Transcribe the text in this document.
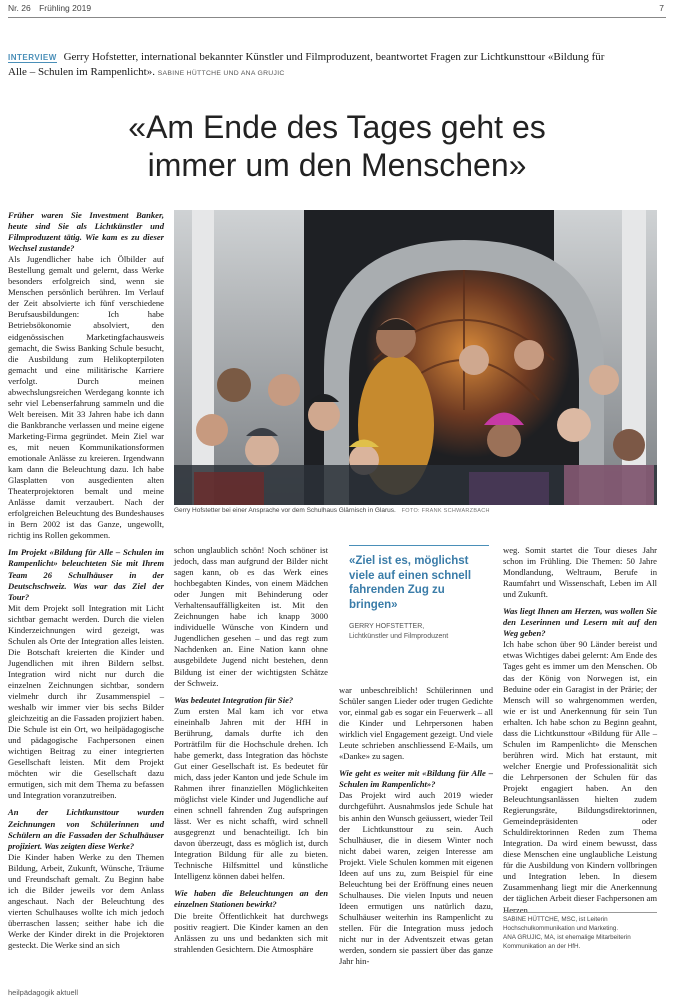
Nr. 26 Frühling 2019	7
INTERVIEW Gerry Hofstetter, international bekannter Künstler und Filmproduzent, beantwortet Fragen zur Lichtkunsttour «Bildung für Alle – Schulen im Rampenlicht». SABINE HÜTTCHE UND ANA GRUJIC
«Am Ende des Tages geht es
immer um den Menschen»
Gerry Hofstetter bei einer Ansprache vor dem Schulhaus Glärnisch in Glarus. FOTO: FRANK SCHWARZBACH
Früher waren Sie Investment Banker, heute sind Sie als Lichtkünstler und Filmproduzent tätig. Wie kam es zu dieser Wechsel zustande?
Als Jugendlicher habe ich Ölbilder auf Bestellung gemalt und gelernt, dass Werke besonders erfolgreich sind, wenn sie Menschen persönlich berühren. Im Verlauf der Zeit absolvierte ich fünf verschiedene Berufsausbildungen: Ich habe Betriebsökonomie absolviert, den eidgenössischen Marketingfachausweis gemacht, die Swiss Banking Schule besucht, die Ausbildung zum Helikopterpiloten gemacht und eine militärische Karriere verfolgt. Durch meinen abwechslungsreichen Werdegang konnte ich sehr viel Lebenserfahrung sammeln und die Welt bereisen. Mit 33 Jahren habe ich dann die Bankbranche verlassen und meine eigene Marketing-Firma gegründet. Mein Ziel war es, mit neuen Kommunikationsformen emotionale Anlässe zu kreieren. Irgendwann kam dann die Beleuchtung dazu. Ich habe Glasplatten von ausgedienten alten Theaterprojektoren bemalt und meine Anlässe damit verzaubert. Nach der erfolgreichen Beleuchtung des Bundeshauses in Bern 2002 ist das Ganze, ungewollt, richtig ins Rollen gekommen.
Im Projekt «Bildung für Alle – Schulen im Rampenlicht» beleuchteten Sie mit Ihrem Team 26 Schulhäuser in der Deutschschweiz. Was war das Ziel der Tour?
Mit dem Projekt soll Integration mit Licht sichtbar gemacht werden. Durch die vielen Kinderzeichnungen wird gezeigt, was Schulen als Orte der Integration alles leisten. Die Botschaft kreierten die Kinder und Jugendlichen mit ihren Bildern selbst. Integration wird nicht nur durch die einzelnen Zeichnungen sichtbar, sondern vielmehr durch ihr Zusammenspiel – weshalb wir immer vier bis sechs Bilder gleichzeitig an die Fassaden projiziert haben. Die Schule ist ein Ort, wo heilpädagogische und pädagogische Fachpersonen einen wichtigen Beitrag zu einer integrierten Gesellschaft leisten. Mit dem Projekt möchten wir die Gesellschaft dazu ermutigen, sich mit dem Thema zu befassen und Integration voranzutreiben.
An der Lichtkunsttour wurden Zeichnungen von Schülerinnen und Schülern an die Fassaden der Schulhäuser projiziert. Was zeigten diese Werke?
Die Kinder haben Werke zu den Themen Bildung, Arbeit, Zukunft, Wünsche, Träume und Freundschaft gemalt. Zu Beginn habe ich die Bilder jeweils vor dem Anlass angeschaut. Nach der Beleuchtung des vierten Schulhauses wollte ich mich jedoch überraschen lassen; seither habe ich die Werke der Kinder direkt in die Projektoren gesteckt. Die Werke sind an sich
schon unglaublich schön! Noch schöner ist jedoch, dass man aufgrund der Bilder nicht sagen kann, ob es das Werk eines hochbegabten Kindes, von einem Mädchen oder Jungen mit Behinderung oder Verhaltensauffälligkeiten ist. Mit den Zeichnungen habe ich knapp 3000 individuelle Wünsche von Kindern und Jugendlichen gesehen – und das regt zum Nachdenken an. Eine Nation kann ohne ausgebildete Jugend nicht bestehen, denn Bildung ist einer der wichtigsten Schätze der Schweiz.
Was bedeutet Integration für Sie?
Zum ersten Mal kam ich vor etwa eineinhalb Jahren mit der HfH in Berührung, damals durfte ich den Porträtfilm für die Hochschule drehen. Ich habe gemerkt, dass Integration das höchste Gut einer Gesellschaft ist. Es bedeutet für mich, dass jeder Kanton und jede Schule im Rahmen ihrer finanziellen Möglichkeiten möglichst viele Kinder und Jugendliche auf einen schnell fahrenden Zug aufspringen lässt. Wer es nicht schafft, wird schnell ausgegrenzt und benachteiligt. Ich bin davon überzeugt, dass es möglich ist, durch Integration Bildung für alle zu bieten. Technische Hilfsmittel und künstliche Intelligenz können dabei helfen.
Wie haben die Beleuchtungen an den einzelnen Stationen bewirkt?
Die breite Öffentlichkeit hat durchwegs positiv reagiert. Die Kinder kamen an den Anlässen zu uns und bedankten sich mit strahlenden Gesichtern. Die Atmosphäre
«Ziel ist es, möglichst viele auf einen schnell fahrenden Zug zu bringen»
GERRY HOFSTETTER,
Lichtkünstler und Filmproduzent
war unbeschreiblich! Schülerinnen und Schüler sangen Lieder oder trugen Gedichte vor, einmal gab es sogar ein Feuerwerk – all die Kinder und Lehrpersonen haben wirklich viel Engagement gezeigt. Und viele Leute schrieben anschliessend E-Mails, um «Danke» zu sagen.
Wie geht es weiter mit «Bildung für Alle – Schulen im Rampenlicht»?
Das Projekt wird auch 2019 wieder durchgeführt. Ausnahmslos jede Schule hat bis anhin den Wunsch geäussert, wieder Teil der Lichtkunsttour zu sein. Auch Schulhäuser, die in diesem Winter noch nicht dabei waren, zeigen Interesse am Projekt. Viele Schulen kommen mit eigenen Ideen auf uns zu, zum Beispiel für eine Beleuchtung bei der Eröffnung eines neuen Schulhauses. Die vielen Inputs und neuen Ideen ermutigen uns natürlich dazu, Schulhäuser weiterhin ins Rampenlicht zu stellen. Für die Integration muss jedoch nicht nur in der Adventszeit etwas getan werden, sondern sie passiert über das ganze Jahr hin-
weg. Somit startet die Tour dieses Jahr schon im Frühling. Die Themen: 50 Jahre Mondlandung, Weltraum, Berufe in Raumfahrt und Wissenschaft, Leben im All und Zukunft.
Was liegt Ihnen am Herzen, was wollen Sie den Leserinnen und Lesern mit auf den Weg geben?
Ich habe schon über 90 Länder bereist und etwas Wichtiges dabei gelernt: Am Ende des Tages geht es immer um den Menschen. Ob das der König von Norwegen ist, ein Beduine oder ein Garagist in der Prärie; der Mensch will so wahrgenommen werden, wie er ist und Anerkennung für sein Tun erhalten. Ich habe schon zu Beginn geahnt, dass die Lichtkunsttour «Bildung für Alle – Schulen im Rampenlicht» die Menschen berühren wird. Mich hat erstaunt, mit welcher Energie und Professionalität sich die Lehrpersonen der Schulen für das Projekt engagiert haben. An den Beleuchtungsanlässen hielten zudem Regierungsräte, Bildungsdirektorinnen, Gemeindepräsidenten oder Schuldirektorinnen Reden zum Thema Integration. Da wird einem bewusst, dass diese Menschen eine unglaubliche Leistung für die Ausbildung von Kindern vollbringen und Integration leben. In diesem Zusammenhang liegt mir die Anerkennung der täglichen Arbeit dieser Fachpersonen am Herzen.
SABINE HÜTTCHE, MSC, ist Leiterin Hochschulkommunikation und Marketing.
ANA GRUJIC, MA, ist ehemalige Mitarbeiterin Kommunikation an der HfH.
heilpädagogik aktuell
